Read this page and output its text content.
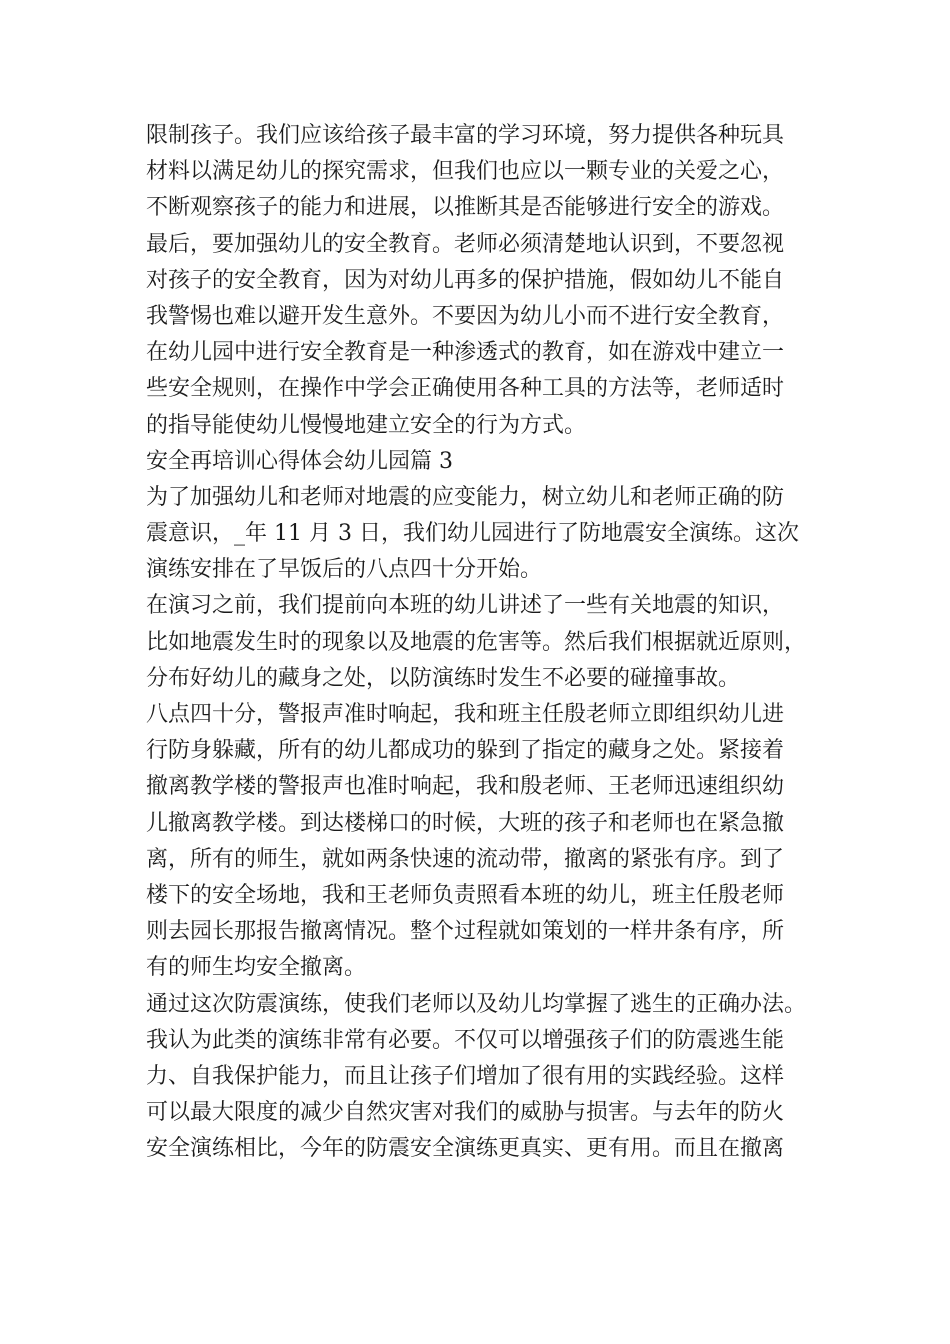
限制孩子。我们应该给孩子最丰富的学习环境，努力提供各种玩具
材料以满足幼儿的探究需求，但我们也应以一颗专业的关爱之心，
不断观察孩子的能力和进展，以推断其是否能够进行安全的游戏。
最后，要加强幼儿的安全教育。老师必须清楚地认识到，不要忽视
对孩子的安全教育，因为对幼儿再多的保护措施，假如幼儿不能自
我警惕也难以避开发生意外。不要因为幼儿小而不进行安全教育，
在幼儿园中进行安全教育是一种渗透式的教育，如在游戏中建立一
些安全规则，在操作中学会正确使用各种工具的方法等，老师适时
的指导能使幼儿慢慢地建立安全的行为方式。
安全再培训心得体会幼儿园篇 3
为了加强幼儿和老师对地震的应变能力，树立幼儿和老师正确的防
震意识，_年 11 月 3 日，我们幼儿园进行了防地震安全演练。这次
演练安排在了早饭后的八点四十分开始。
在演习之前，我们提前向本班的幼儿讲述了一些有关地震的知识，
比如地震发生时的现象以及地震的危害等。然后我们根据就近原则，
分布好幼儿的藏身之处，以防演练时发生不必要的碰撞事故。
八点四十分，警报声准时响起，我和班主任殷老师立即组织幼儿进
行防身躲藏，所有的幼儿都成功的躲到了指定的藏身之处。紧接着
撤离教学楼的警报声也准时响起，我和殷老师、王老师迅速组织幼
儿撤离教学楼。到达楼梯口的时候，大班的孩子和老师也在紧急撤
离，所有的师生，就如两条快速的流动带，撤离的紧张有序。到了
楼下的安全场地，我和王老师负责照看本班的幼儿，班主任殷老师
则去园长那报告撤离情况。整个过程就如策划的一样井条有序，所
有的师生均安全撤离。
通过这次防震演练，使我们老师以及幼儿均掌握了逃生的正确办法。
我认为此类的演练非常有必要。不仅可以增强孩子们的防震逃生能
力、自我保护能力，而且让孩子们增加了很有用的实践经验。这样
可以最大限度的减少自然灾害对我们的威胁与损害。与去年的防火
安全演练相比，今年的防震安全演练更真实、更有用。而且在撤离
